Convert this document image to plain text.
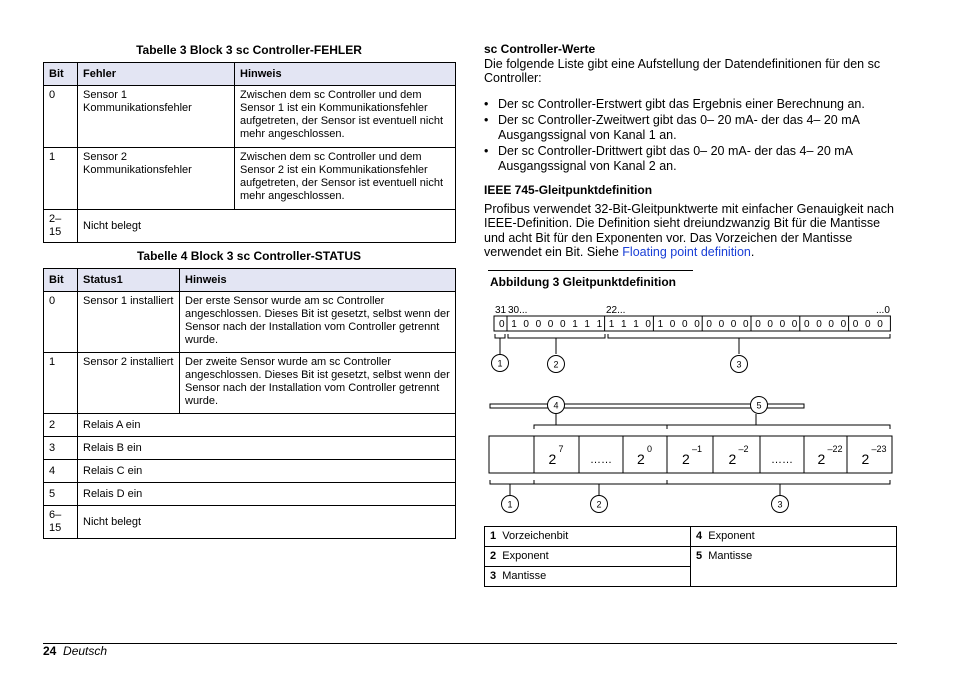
Tabelle 3 Block 3 sc Controller-FEHLER
Bit	Fehler	Hinweis
0	Sensor 1 Kommunikationsfehler	Zwischen dem sc Controller und dem Sensor 1 ist ein Kommunikationsfehler aufgetreten, der Sensor ist eventuell nicht mehr angeschlossen.
1	Sensor 2 Kommunikationsfehler	Zwischen dem sc Controller und dem Sensor 2 ist ein Kommunikationsfehler aufgetreten, der Sensor ist eventuell nicht mehr angeschlossen.
2–15	Nicht belegt	
Tabelle 4 Block 3 sc Controller-STATUS
Bit	Status1	Hinweis
0	Sensor 1 installiert	Der erste Sensor wurde am sc Controller angeschlossen. Dieses Bit ist gesetzt, selbst wenn der Sensor nach der Installation vom Controller getrennt wurde.
1	Sensor 2 installiert	Der zweite Sensor wurde am sc Controller angeschlossen. Dieses Bit ist gesetzt, selbst wenn der Sensor nach der Installation vom Controller getrennt wurde.
2	Relais A ein	
3	Relais B ein	
4	Relais C ein	
5	Relais D ein	
6–15	Nicht belegt	
sc Controller-Werte
Die folgende Liste gibt eine Aufstellung der Datendefinitionen für den sc Controller:
• Der sc Controller-Erstwert gibt das Ergebnis einer Berechnung an.
• Der sc Controller-Zweitwert gibt das 0– 20 mA- der das 4– 20 mA Ausgangssignal von Kanal 1 an.
• Der sc Controller-Drittwert gibt das 0– 20 mA- der das 4– 20 mA Ausgangssignal von Kanal 2 an.
IEEE 745-Gleitpunktdefinition
Profibus verwendet 32-Bit-Gleitpunktwerte mit einfacher Genauigkeit nach IEEE-Definition. Die Definition sieht dreiundzwanzig Bit für die Mantisse und acht Bit für den Exponenten vor. Das Vorzeichen der Mantisse verwendet ein Bit. Siehe Floating point definition.
Abbildung 3 Gleitpunktdefinition
31 30...	22...	...0
0 1 0 0 0 0 1 1 1 1 1 1 0 1 0 0 0 0 0 0 0 0 0 0 0 0 0 0 0 0 0 0
1	2	3
4	5
1	2	3
2
7
…… 2
0
2
–1
2
–2
…… 2
–22
2
–23
1 Vorzeichenbit	4 Exponent
2 Exponent	5 Mantisse
3 Mantisse	
24 Deutsch
